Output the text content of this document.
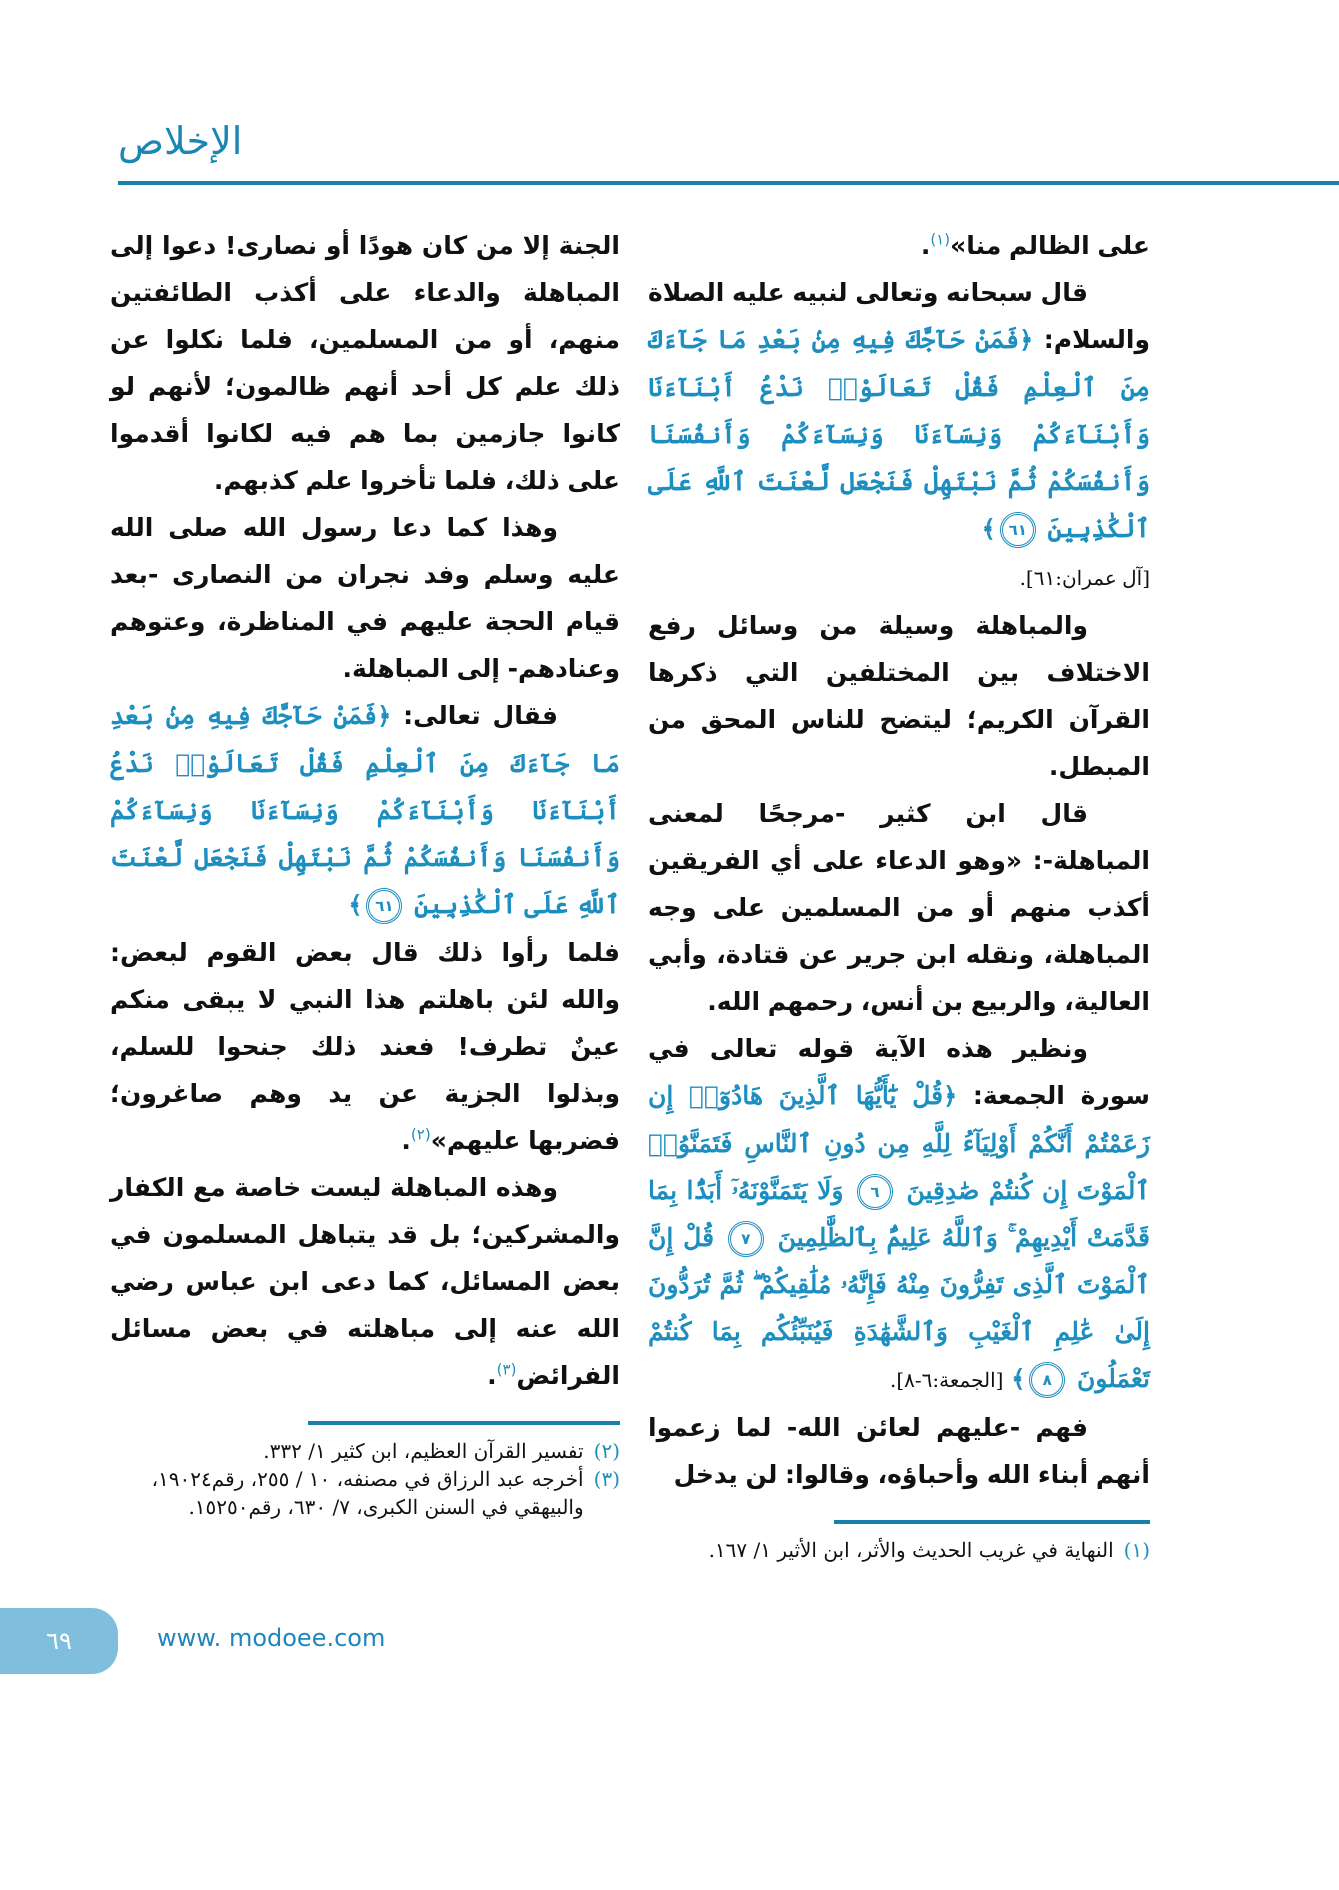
الإخلاص

على الظالم منا»$^{(١)}$.

قال سبحانه وتعالى لنبيه عليه الصلاة والسلام: ﴿فَمَنْ حَآجَّكَ فِيهِ مِنۢ بَعْدِ مَا جَآءَكَ مِنَ ٱلْعِلْمِ فَقُلْ تَعَالَوْا۟ نَدْعُ أَبْنَآءَنَا وَأَبْنَآءَكُمْ وَنِسَآءَنَا وَنِسَآءَكُمْ وَأَنفُسَنَا وَأَنفُسَكُمْ ثُمَّ نَبْتَهِلْ فَنَجْعَل لَّعْنَتَ ٱللَّهِ عَلَى ٱلْكَٰذِبِينَ ٦١﴾
[آل عمران:٦١].

والمباهلة وسيلة من وسائل رفع الاختلاف بين المختلفين التي ذكرها القرآن الكريم؛ ليتضح للناس المحق من المبطل.

قال ابن كثير -مرجحًا لمعنى المباهلة-: «وهو الدعاء على أي الفريقين أكذب منهم أو من المسلمين على وجه المباهلة، ونقله ابن جرير عن قتادة، وأبي العالية، والربيع بن أنس، رحمهم الله.

ونظير هذه الآية قوله تعالى في سورة الجمعة: ﴿قُلْ يَٰٓأَيُّهَا ٱلَّذِينَ هَادُوٓا۟ إِن زَعَمْتُمْ أَنَّكُمْ أَوْلِيَآءُ لِلَّهِ مِن دُونِ ٱلنَّاسِ فَتَمَنَّوُا۟ ٱلْمَوْتَ إِن كُنتُمْ صَٰدِقِينَ ٦ وَلَا يَتَمَنَّوْنَهُۥٓ أَبَدًۢا بِمَا قَدَّمَتْ أَيْدِيهِمْ ۚ وَٱللَّهُ عَلِيمٌۢ بِٱلظَّٰلِمِينَ ٧ قُلْ إِنَّ ٱلْمَوْتَ ٱلَّذِى تَفِرُّونَ مِنْهُ فَإِنَّهُۥ مُلَٰقِيكُمْ ۖ ثُمَّ تُرَدُّونَ إِلَىٰ عَٰلِمِ ٱلْغَيْبِ وَٱلشَّهَٰدَةِ فَيُنَبِّئُكُم بِمَا كُنتُمْ تَعْمَلُونَ ٨﴾ [الجمعة:٦-٨].

فهم -عليهم لعائن الله- لما زعموا أنهم أبناء الله وأحباؤه، وقالوا: لن يدخل

(١)
النهاية في غريب الحديث والأثر، ابن الأثير ١/ ١٦٧.

الجنة إلا من كان هودًا أو نصارى! دعوا إلى المباهلة والدعاء على أكذب الطائفتين منهم، أو من المسلمين، فلما نكلوا عن ذلك علم كل أحد أنهم ظالمون؛ لأنهم لو كانوا جازمين بما هم فيه لكانوا أقدموا على ذلك، فلما تأخروا علم كذبهم.

وهذا كما دعا رسول الله صلى الله عليه وسلم وفد نجران من النصارى -بعد قيام الحجة عليهم في المناظرة، وعتوهم وعنادهم- إلى المباهلة.

فقال تعالى: ﴿فَمَنْ حَآجَّكَ فِيهِ مِنۢ بَعْدِ مَا جَآءَكَ مِنَ ٱلْعِلْمِ فَقُلْ تَعَالَوْا۟ نَدْعُ أَبْنَآءَنَا وَأَبْنَآءَكُمْ وَنِسَآءَنَا وَنِسَآءَكُمْ وَأَنفُسَنَا وَأَنفُسَكُمْ ثُمَّ نَبْتَهِلْ فَنَجْعَل لَّعْنَتَ ٱللَّهِ عَلَى ٱلْكَٰذِبِينَ ٦١﴾

فلما رأوا ذلك قال بعض القوم لبعض: والله لئن باهلتم هذا النبي لا يبقى منكم عينٌ تطرف! فعند ذلك جنحوا للسلم، وبذلوا الجزية عن يد وهم صاغرون؛ فضربها عليهم»$^{(٢)}$.

وهذه المباهلة ليست خاصة مع الكفار والمشركين؛ بل قد يتباهل المسلمون في بعض المسائل، كما دعى ابن عباس رضي الله عنه إلى مباهلته في بعض مسائل الفرائض$^{(٣)}$.

(٢)
تفسير القرآن العظيم، ابن كثير ١/ ٣٣٢.
(٣)
أخرجه عبد الرزاق في مصنفه، ١٠ / ٢٥٥، رقم١٩٠٢٤، والبيهقي في السنن الكبرى، ٧/ ٦٣٠، رقم١٥٢٥٠.
٦٩	www. modoee.com
